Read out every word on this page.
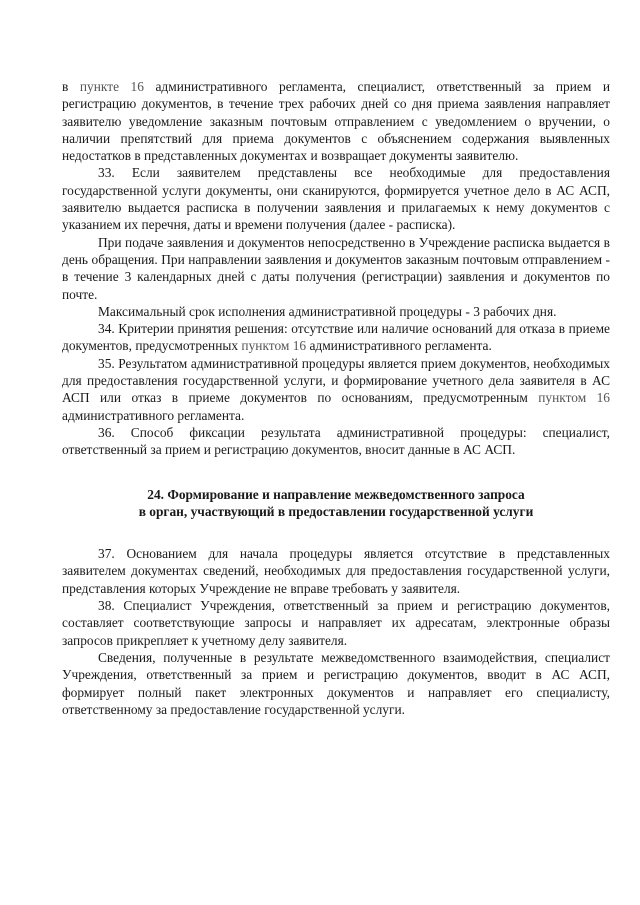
в пункте 16 административного регламента, специалист, ответственный за прием и регистрацию документов, в течение трех рабочих дней со дня приема заявления направляет заявителю уведомление заказным почтовым отправлением с уведомлением о вручении, о наличии препятствий для приема документов с объяснением содержания выявленных недостатков в представленных документах и возвращает документы заявителю.

33. Если заявителем представлены все необходимые для предоставления государственной услуги документы, они сканируются, формируется учетное дело в АС АСП, заявителю выдается расписка в получении заявления и прилагаемых к нему документов с указанием их перечня, даты и времени получения (далее - расписка).

При подаче заявления и документов непосредственно в Учреждение расписка выдается в день обращения. При направлении заявления и документов заказным почтовым отправлением - в течение 3 календарных дней с даты получения (регистрации) заявления и документов по почте.

Максимальный срок исполнения административной процедуры - 3 рабочих дня.

34. Критерии принятия решения: отсутствие или наличие оснований для отказа в приеме документов, предусмотренных пунктом 16 административного регламента.

35. Результатом административной процедуры является прием документов, необходимых для предоставления государственной услуги, и формирование учетного дела заявителя в АС АСП или отказ в приеме документов по основаниям, предусмотренным пунктом 16 административного регламента.

36. Способ фиксации результата административной процедуры: специалист, ответственный за прием и регистрацию документов, вносит данные в АС АСП.

24. Формирование и направление межведомственного запроса
в орган, участвующий в предоставлении государственной услуги

37. Основанием для начала процедуры является отсутствие в представленных заявителем документах сведений, необходимых для предоставления государственной услуги, представления которых Учреждение не вправе требовать у заявителя.

38. Специалист Учреждения, ответственный за прием и регистрацию документов, составляет соответствующие запросы и направляет их адресатам, электронные образы запросов прикрепляет к учетному делу заявителя.

Сведения, полученные в результате межведомственного взаимодействия, специалист Учреждения, ответственный за прием и регистрацию документов, вводит в АС АСП, формирует полный пакет электронных документов и направляет его специалисту, ответственному за предоставление государственной услуги.
